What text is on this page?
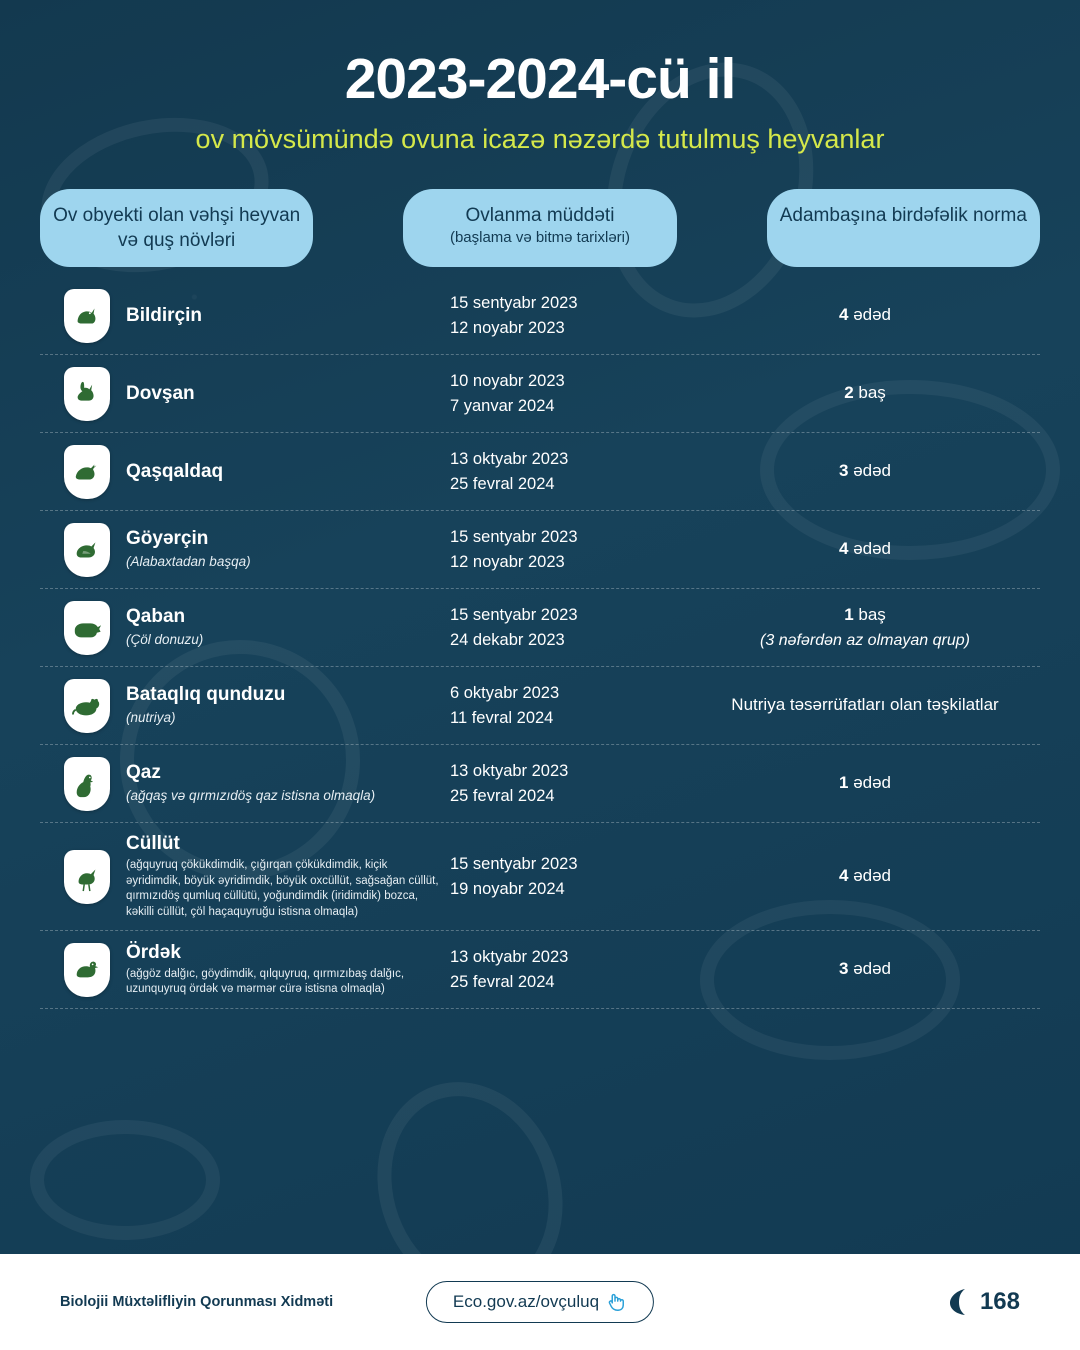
2023-2024-cü il
ov mövsümündə ovuna icazə nəzərdə tutulmuş heyvanlar
Ov obyekti olan vəhşi heyvan və quş növləri
Ovlanma müddəti
(başlama və bitmə tarixləri)
Adambaşına birdəfəlik norma
Bildirçin
15 sentyabr 2023
12 noyabr 2023
4 ədəd
Dovşan
10 noyabr 2023
7 yanvar 2024
2 baş
Qaşqaldaq
13 oktyabr 2023
25 fevral 2024
3 ədəd
Göyərçin
(Alabaxtadan başqa)
15 sentyabr 2023
12 noyabr 2023
4 ədəd
Qaban
(Çöl donuzu)
15 sentyabr 2023
24 dekabr 2023
1 baş
(3 nəfərdən az olmayan qrup)
Bataqlıq qunduzu
(nutriya)
6 oktyabr 2023
11 fevral 2024
Nutriya təsərrüfatları olan təşkilatlar
Qaz
(ağqaş və qırmızıdöş qaz istisna olmaqla)
13 oktyabr 2023
25 fevral 2024
1 ədəd
Cüllüt
(ağquyruq çökükdimdik, çığırqan çökükdimdik, kiçik əyridimdik, böyük əyridimdik, böyük oxcüllüt, sağsağan cüllüt, qırmızıdöş qumluq cüllütü, yoğundimdik (iridimdik) bozca, kəkilli cüllüt, çöl haçaquyruğu istisna olmaqla)
15 sentyabr 2023
19 noyabr 2024
4 ədəd
Ördək
(ağgöz dalğıc, göydimdik, qılquyruq, qırmızıbaş dalğıc, uzunquyruq ördək və mərmər cürə istisna olmaqla)
13 oktyabr 2023
25 fevral 2024
3 ədəd
Biolojii Müxtəlifliyin Qorunması Xidməti	Eco.gov.az/ovçuluq	168
